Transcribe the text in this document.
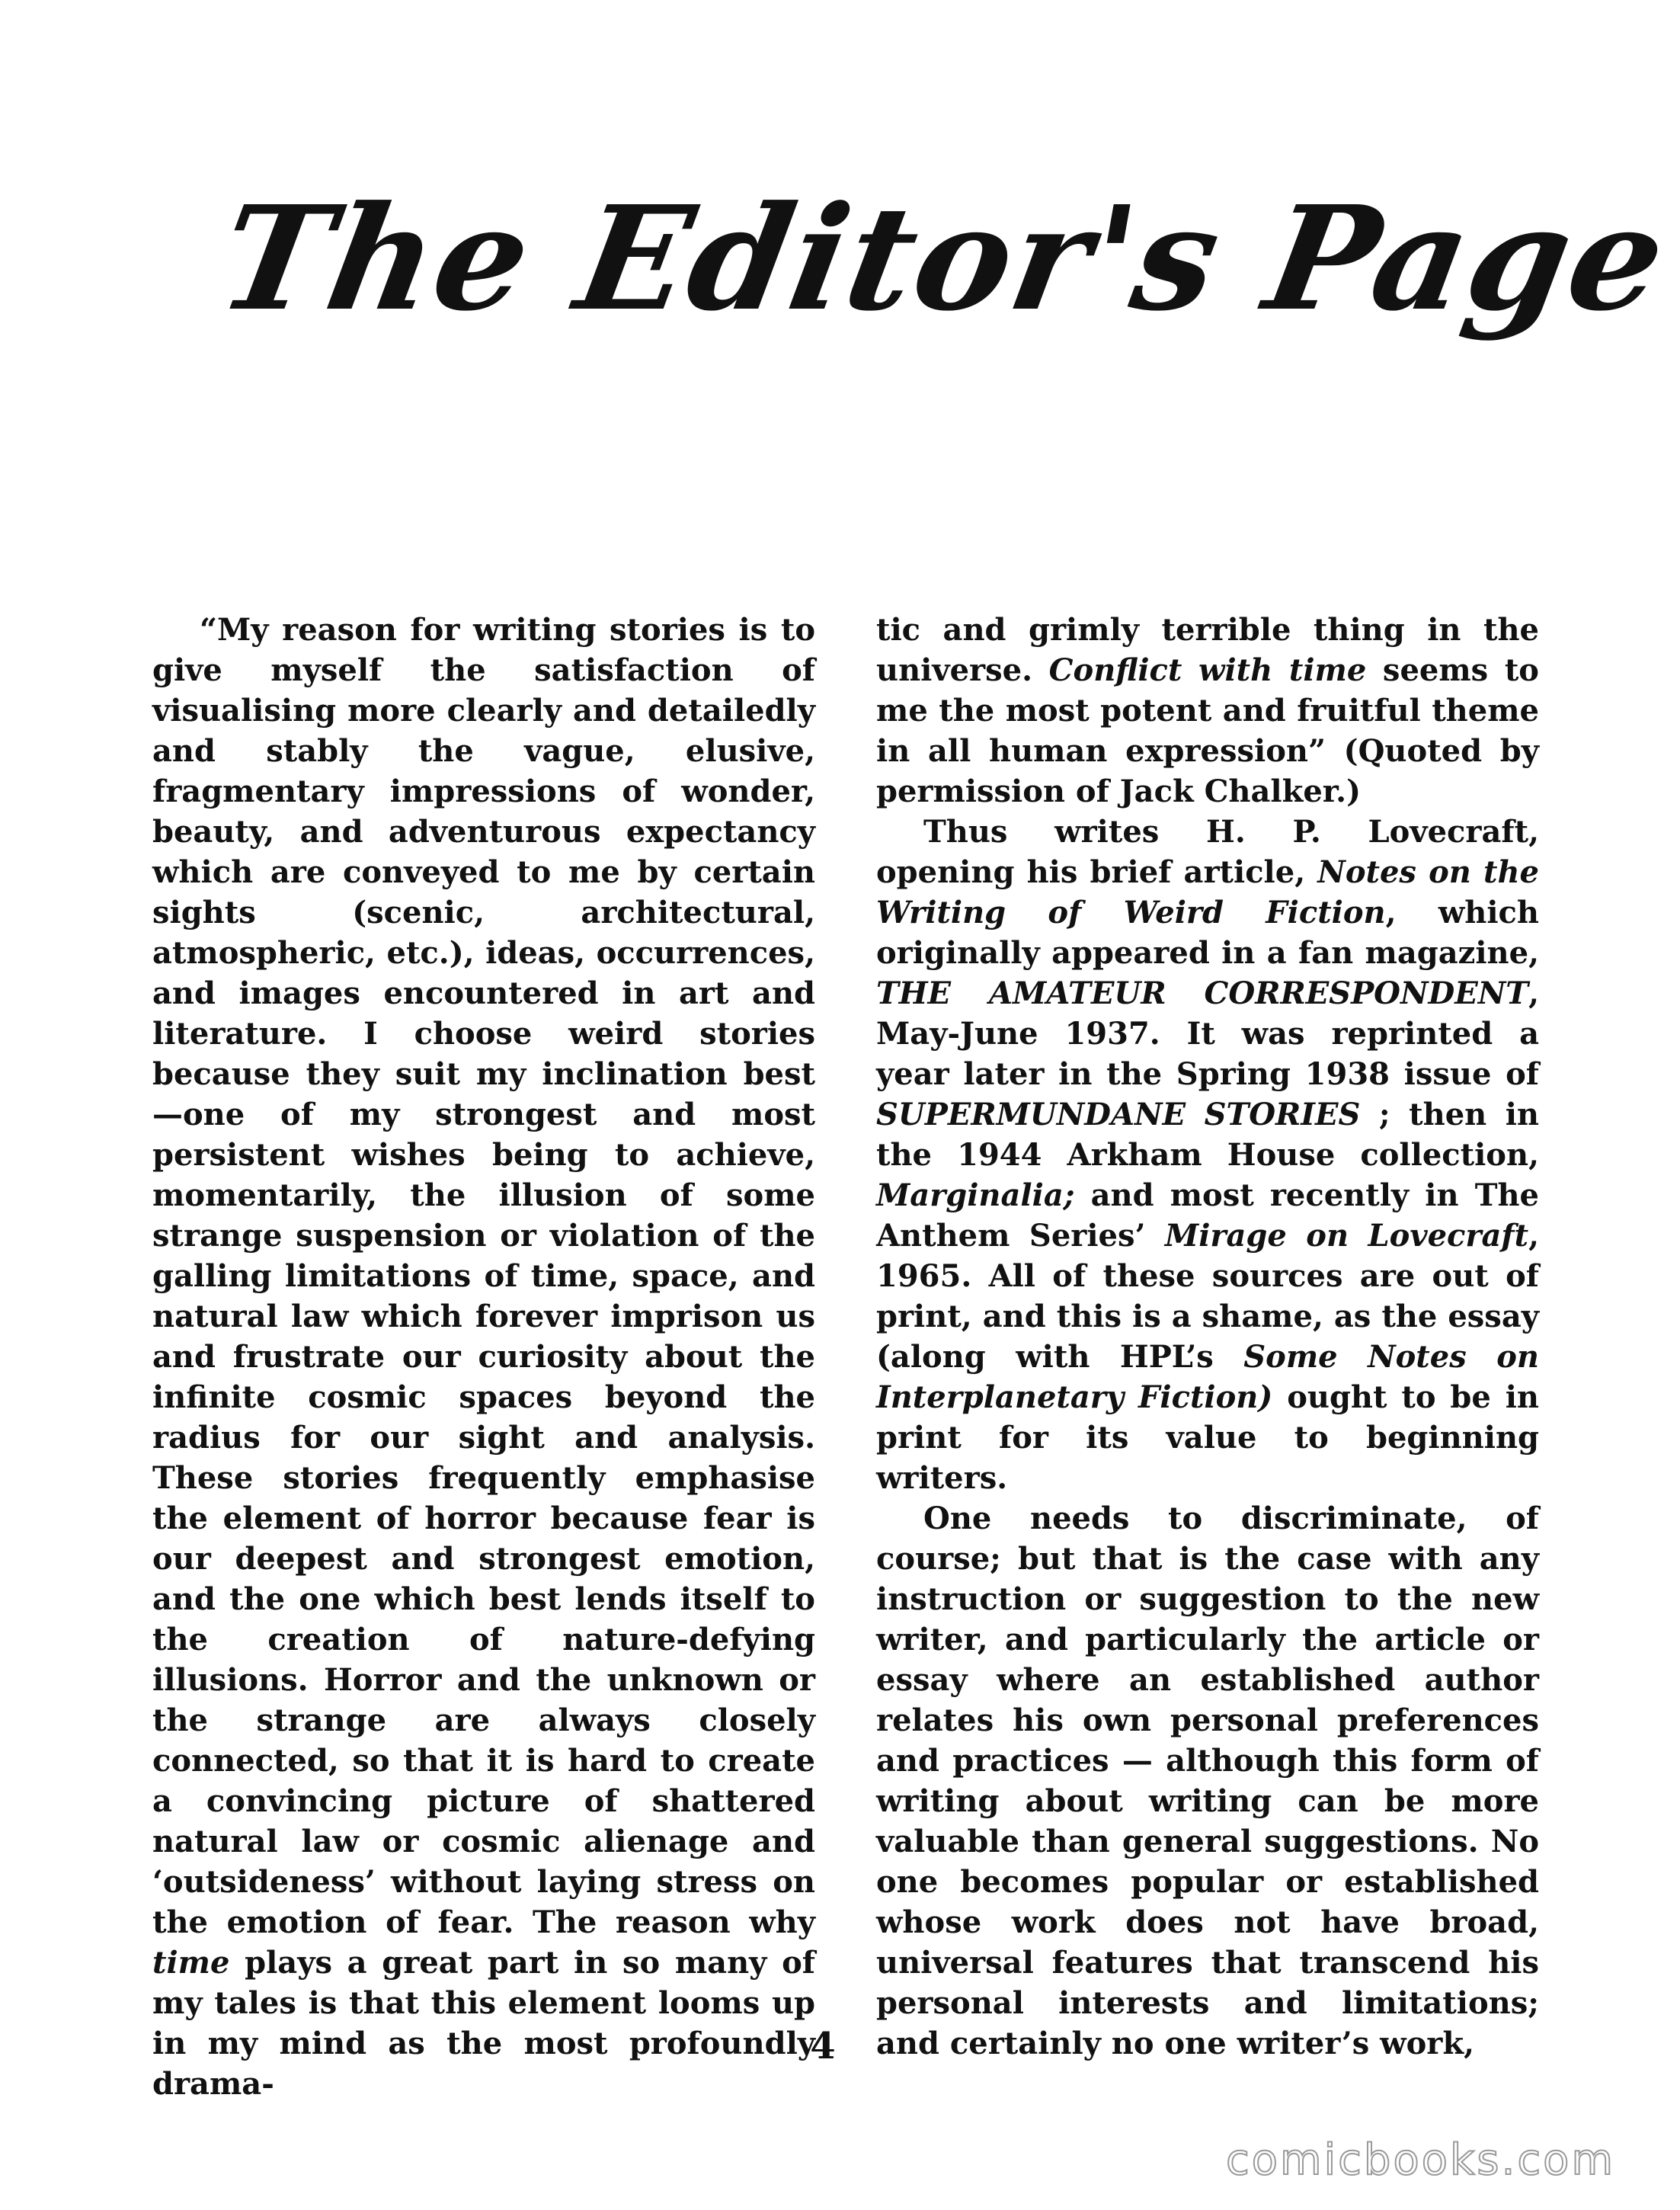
The Editor's Page

“My reason for writing stories is to give myself the satisfaction of visualising more clearly and detailedly and stably the vague, elusive, fragmentary impressions of wonder, beauty, and adventurous expectancy which are conveyed to me by certain sights (scenic, architectural, atmospheric, etc.), ideas, occurrences, and images encountered in art and literature. I choose weird stories because they suit my inclination best—one of my strongest and most persistent wishes being to achieve, momentarily, the illusion of some strange suspension or violation of the galling limitations of time, space, and natural law which forever imprison us and frustrate our curiosity about the infinite cosmic spaces beyond the radius for our sight and analysis. These stories frequently emphasise the element of horror because fear is our deepest and strongest emotion, and the one which best lends itself to the creation of nature-defying illusions. Horror and the unknown or the strange are always closely connected, so that it is hard to create a convincing picture of shattered natural law or cosmic alienage and ‘outsideness’ without laying stress on the emotion of fear. The reason why time plays a great part in so many of my tales is that this element looms up in my mind as the most profoundly drama-

tic and grimly terrible thing in the universe. Conflict with time seems to me the most potent and fruitful theme in all human expression” (Quoted by permission of Jack Chalker.)

Thus writes H. P. Lovecraft, opening his brief article, Notes on the Writing of Weird Fiction, which originally appeared in a fan magazine, THE AMATEUR CORRESPONDENT, May-June 1937. It was reprinted a year later in the Spring 1938 issue of SUPERMUNDANE STORIES ; then in the 1944 Arkham House collection, Marginalia; and most recently in The Anthem Series’ Mirage on Lovecraft, 1965. All of these sources are out of print, and this is a shame, as the essay (along with HPL’s Some Notes on Interplanetary Fiction) ought to be in print for its value to beginning writers.

One needs to discriminate, of course; but that is the case with any instruction or suggestion to the new writer, and particularly the article or essay where an established author relates his own personal preferences and practices — although this form of writing about writing can be more valuable than general suggestions. No one becomes popular or established whose work does not have broad, universal features that transcend his personal interests and limitations; and certainly no one writer’s work,

4
comicbooks.com
